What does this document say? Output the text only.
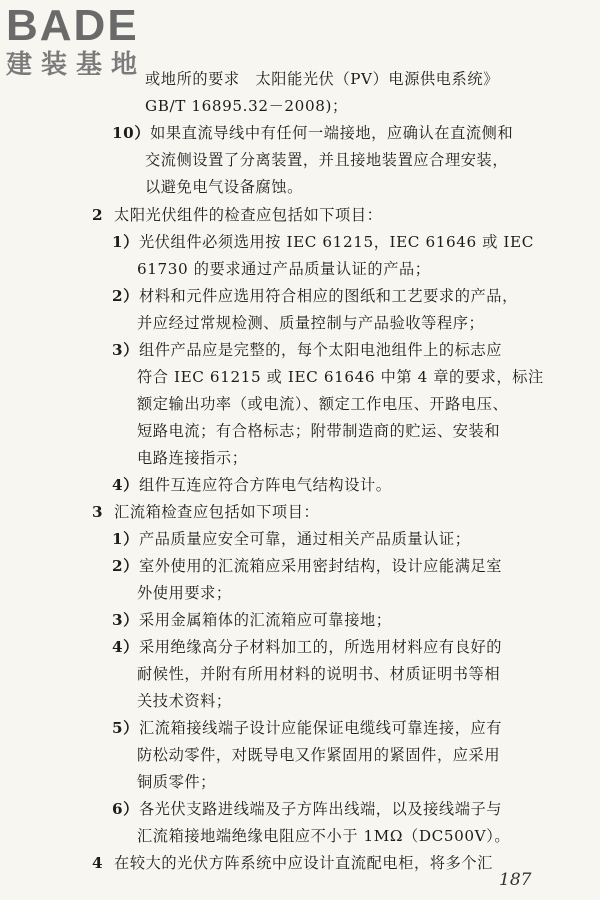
BADE
建装基地
或地所的要求　太阳能光伏（PV）电源供电系统》
GB/T 16895.32－2008)；
10）如果直流导线中有任何一端接地，应确认在直流侧和
交流侧设置了分离装置，并且接地装置应合理安装，
以避免电气设备腐蚀。
2 太阳光伏组件的检查应包括如下项目：
1）光伏组件必须选用按 IEC 61215，IEC 61646 或 IEC
61730 的要求通过产品质量认证的产品；
2）材料和元件应选用符合相应的图纸和工艺要求的产品，
并应经过常规检测、质量控制与产品验收等程序；
3）组件产品应是完整的，每个太阳电池组件上的标志应
符合 IEC 61215 或 IEC 61646 中第 4 章的要求，标注
额定输出功率（或电流）、额定工作电压、开路电压、
短路电流；有合格标志；附带制造商的贮运、安装和
电路连接指示；
4）组件互连应符合方阵电气结构设计。
3 汇流箱检查应包括如下项目：
1）产品质量应安全可靠，通过相关产品质量认证；
2）室外使用的汇流箱应采用密封结构，设计应能满足室
外使用要求；
3）采用金属箱体的汇流箱应可靠接地；
4）采用绝缘高分子材料加工的，所选用材料应有良好的
耐候性，并附有所用材料的说明书、材质证明书等相
关技术资料；
5）汇流箱接线端子设计应能保证电缆线可靠连接，应有
防松动零件，对既导电又作紧固用的紧固件，应采用
铜质零件；
6）各光伏支路进线端及子方阵出线端，以及接线端子与
汇流箱接地端绝缘电阻应不小于 1MΩ（DC500V）。
4 在较大的光伏方阵系统中应设计直流配电柜，将多个汇
187
